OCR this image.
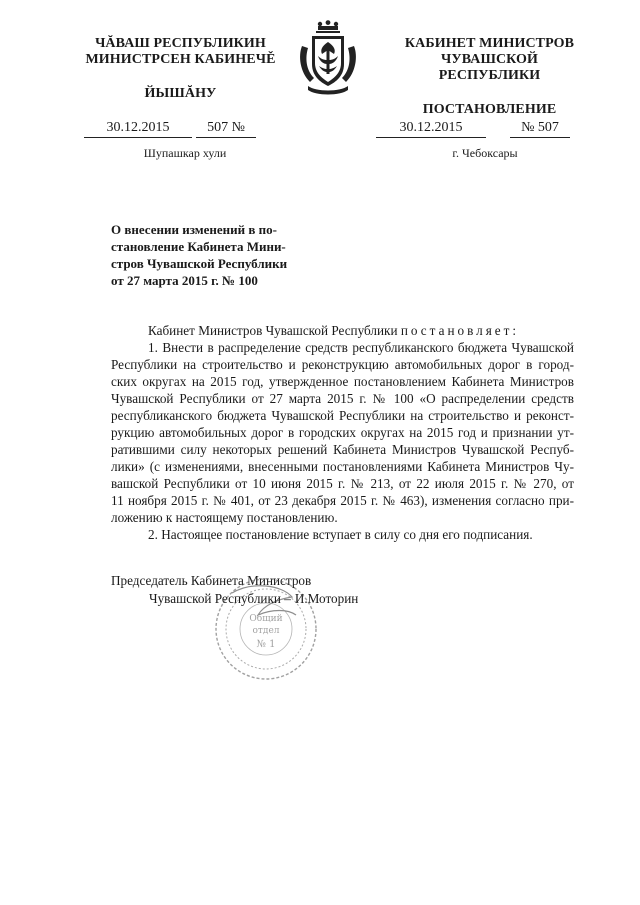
ЧĂВАШ РЕСПУБЛИКИН
МИНИСТРСЕН КАБИНЕЧĚ
ЙЫШĂНУ
КАБИНЕТ МИНИСТРОВ
ЧУВАШСКОЙ РЕСПУБЛИКИ
ПОСТАНОВЛЕНИЕ
30.12.2015	507 №	30.12.2015	№ 507
Шупашкар хули	г. Чебоксары
О внесении изменений в по-
становление Кабинета Мини-
стров Чувашской Республики
от 27 марта 2015 г. № 100
Кабинет Министров Чувашской Республики постановляет:
1. Внести в распределение средств республиканского бюджета Чувашской
Республики на строительство и реконструкцию автомобильных дорог в город-
ских округах на 2015 год, утвержденное постановлением Кабинета Министров
Чувашской Республики от 27 марта 2015 г. № 100 «О распределении средств
республиканского бюджета Чувашской Республики на строительство и реконст-
рукцию автомобильных дорог в городских округах на 2015 год и признании ут-
ратившими силу некоторых решений Кабинета Министров Чувашской Респуб-
лики» (с изменениями, внесенными постановлениями Кабинета Министров Чу-
вашской Республики от 10 июня 2015 г. № 213, от 22 июля 2015 г. № 270, от
11 ноября 2015 г. № 401, от 23 декабря 2015 г. № 463), изменения согласно при-
ложению к настоящему постановлению.
2. Настоящее постановление вступает в силу со дня его подписания.
Председатель Кабинета Министров
Чувашской Республики – И.Моторин
Общий
отдел
№ 1
